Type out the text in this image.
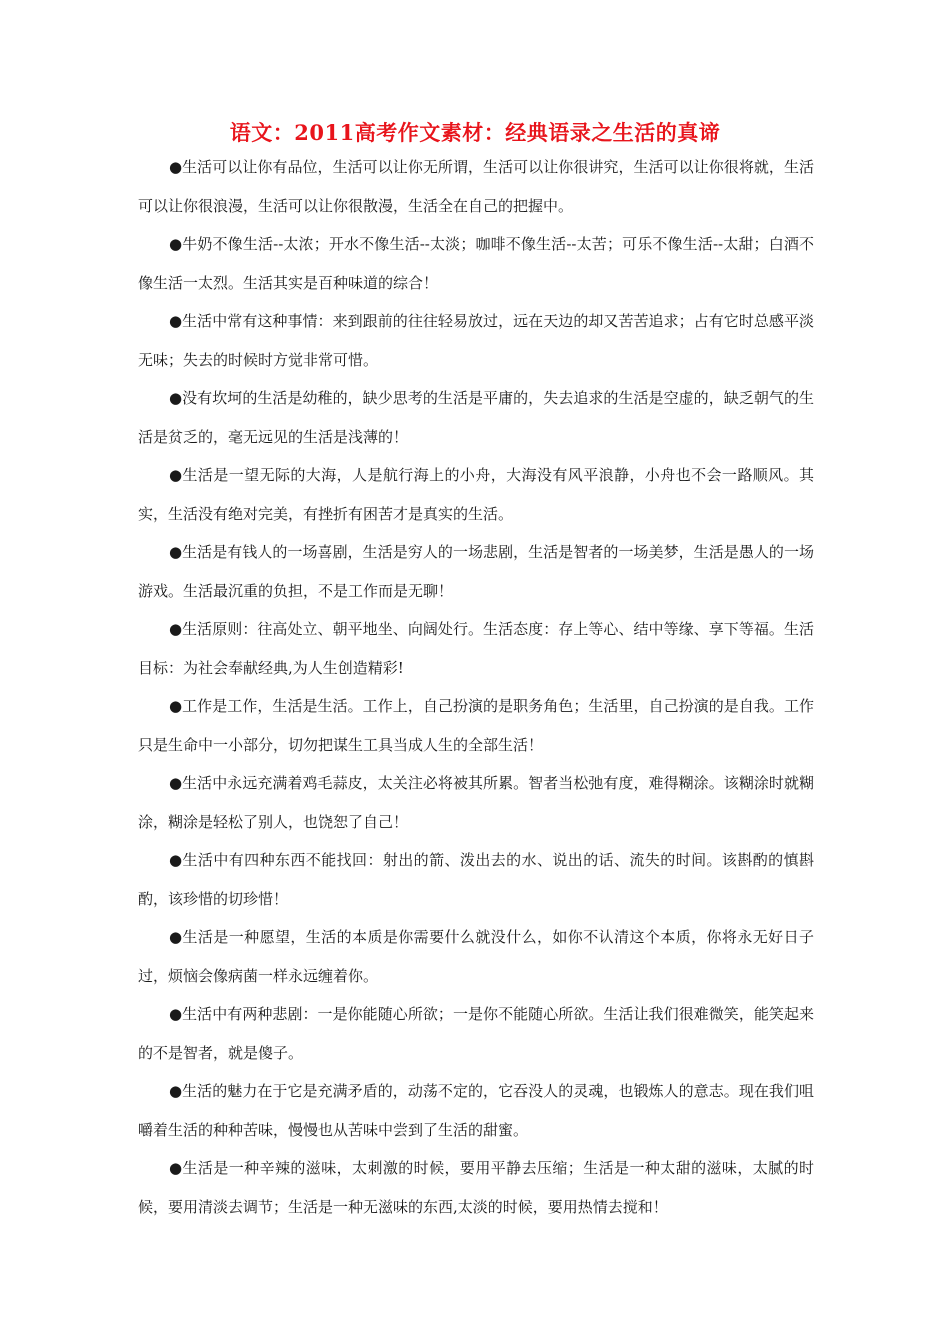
语文：2011高考作文素材：经典语录之生活的真谛

●生活可以让你有品位，生活可以让你无所谓，生活可以让你很讲究，生活可以让你很将就，生活可以让你很浪漫，生活可以让你很散漫，生活全在自己的把握中。

●牛奶不像生活--太浓；开水不像生活--太淡；咖啡不像生活--太苦；可乐不像生活--太甜；白酒不像生活一太烈。生活其实是百种味道的综合！

●生活中常有这种事情：来到跟前的往往轻易放过，远在天边的却又苦苦追求；占有它时总感平淡无味；失去的时候时方觉非常可惜。

●没有坎坷的生活是幼稚的，缺少思考的生活是平庸的，失去追求的生活是空虚的，缺乏朝气的生活是贫乏的，毫无远见的生活是浅薄的！

●生活是一望无际的大海，人是航行海上的小舟，大海没有风平浪静，小舟也不会一路顺风。其实，生活没有绝对完美，有挫折有困苦才是真实的生活。

●生活是有钱人的一场喜剧，生活是穷人的一场悲剧，生活是智者的一场美梦，生活是愚人的一场游戏。生活最沉重的负担，不是工作而是无聊！

●生活原则：往高处立、朝平地坐、向阔处行。生活态度：存上等心、结中等缘、享下等福。生活目标：为社会奉献经典,为人生创造精彩!

●工作是工作，生活是生活。工作上，自己扮演的是职务角色；生活里，自己扮演的是自我。工作只是生命中一小部分，切勿把谋生工具当成人生的全部生活！

●生活中永远充满着鸡毛蒜皮，太关注必将被其所累。智者当松弛有度，难得糊涂。该糊涂时就糊涂，糊涂是轻松了别人，也饶恕了自己！

●生活中有四种东西不能找回：射出的箭、泼出去的水、说出的话、流失的时间。该斟酌的慎斟酌，该珍惜的切珍惜！

●生活是一种愿望，生活的本质是你需要什么就没什么，如你不认清这个本质，你将永无好日子过，烦恼会像病菌一样永远缠着你。

●生活中有两种悲剧：一是你能随心所欲；一是你不能随心所欲。生活让我们很难微笑，能笑起来的不是智者，就是傻子。

●生活的魅力在于它是充满矛盾的，动荡不定的，它吞没人的灵魂，也锻炼人的意志。现在我们咀嚼着生活的种种苦味，慢慢也从苦味中尝到了生活的甜蜜。

●生活是一种辛辣的滋味，太刺激的时候，要用平静去压缩；生活是一种太甜的滋味，太腻的时候，要用清淡去调节；生活是一种无滋味的东西,太淡的时候，要用热情去搅和！
